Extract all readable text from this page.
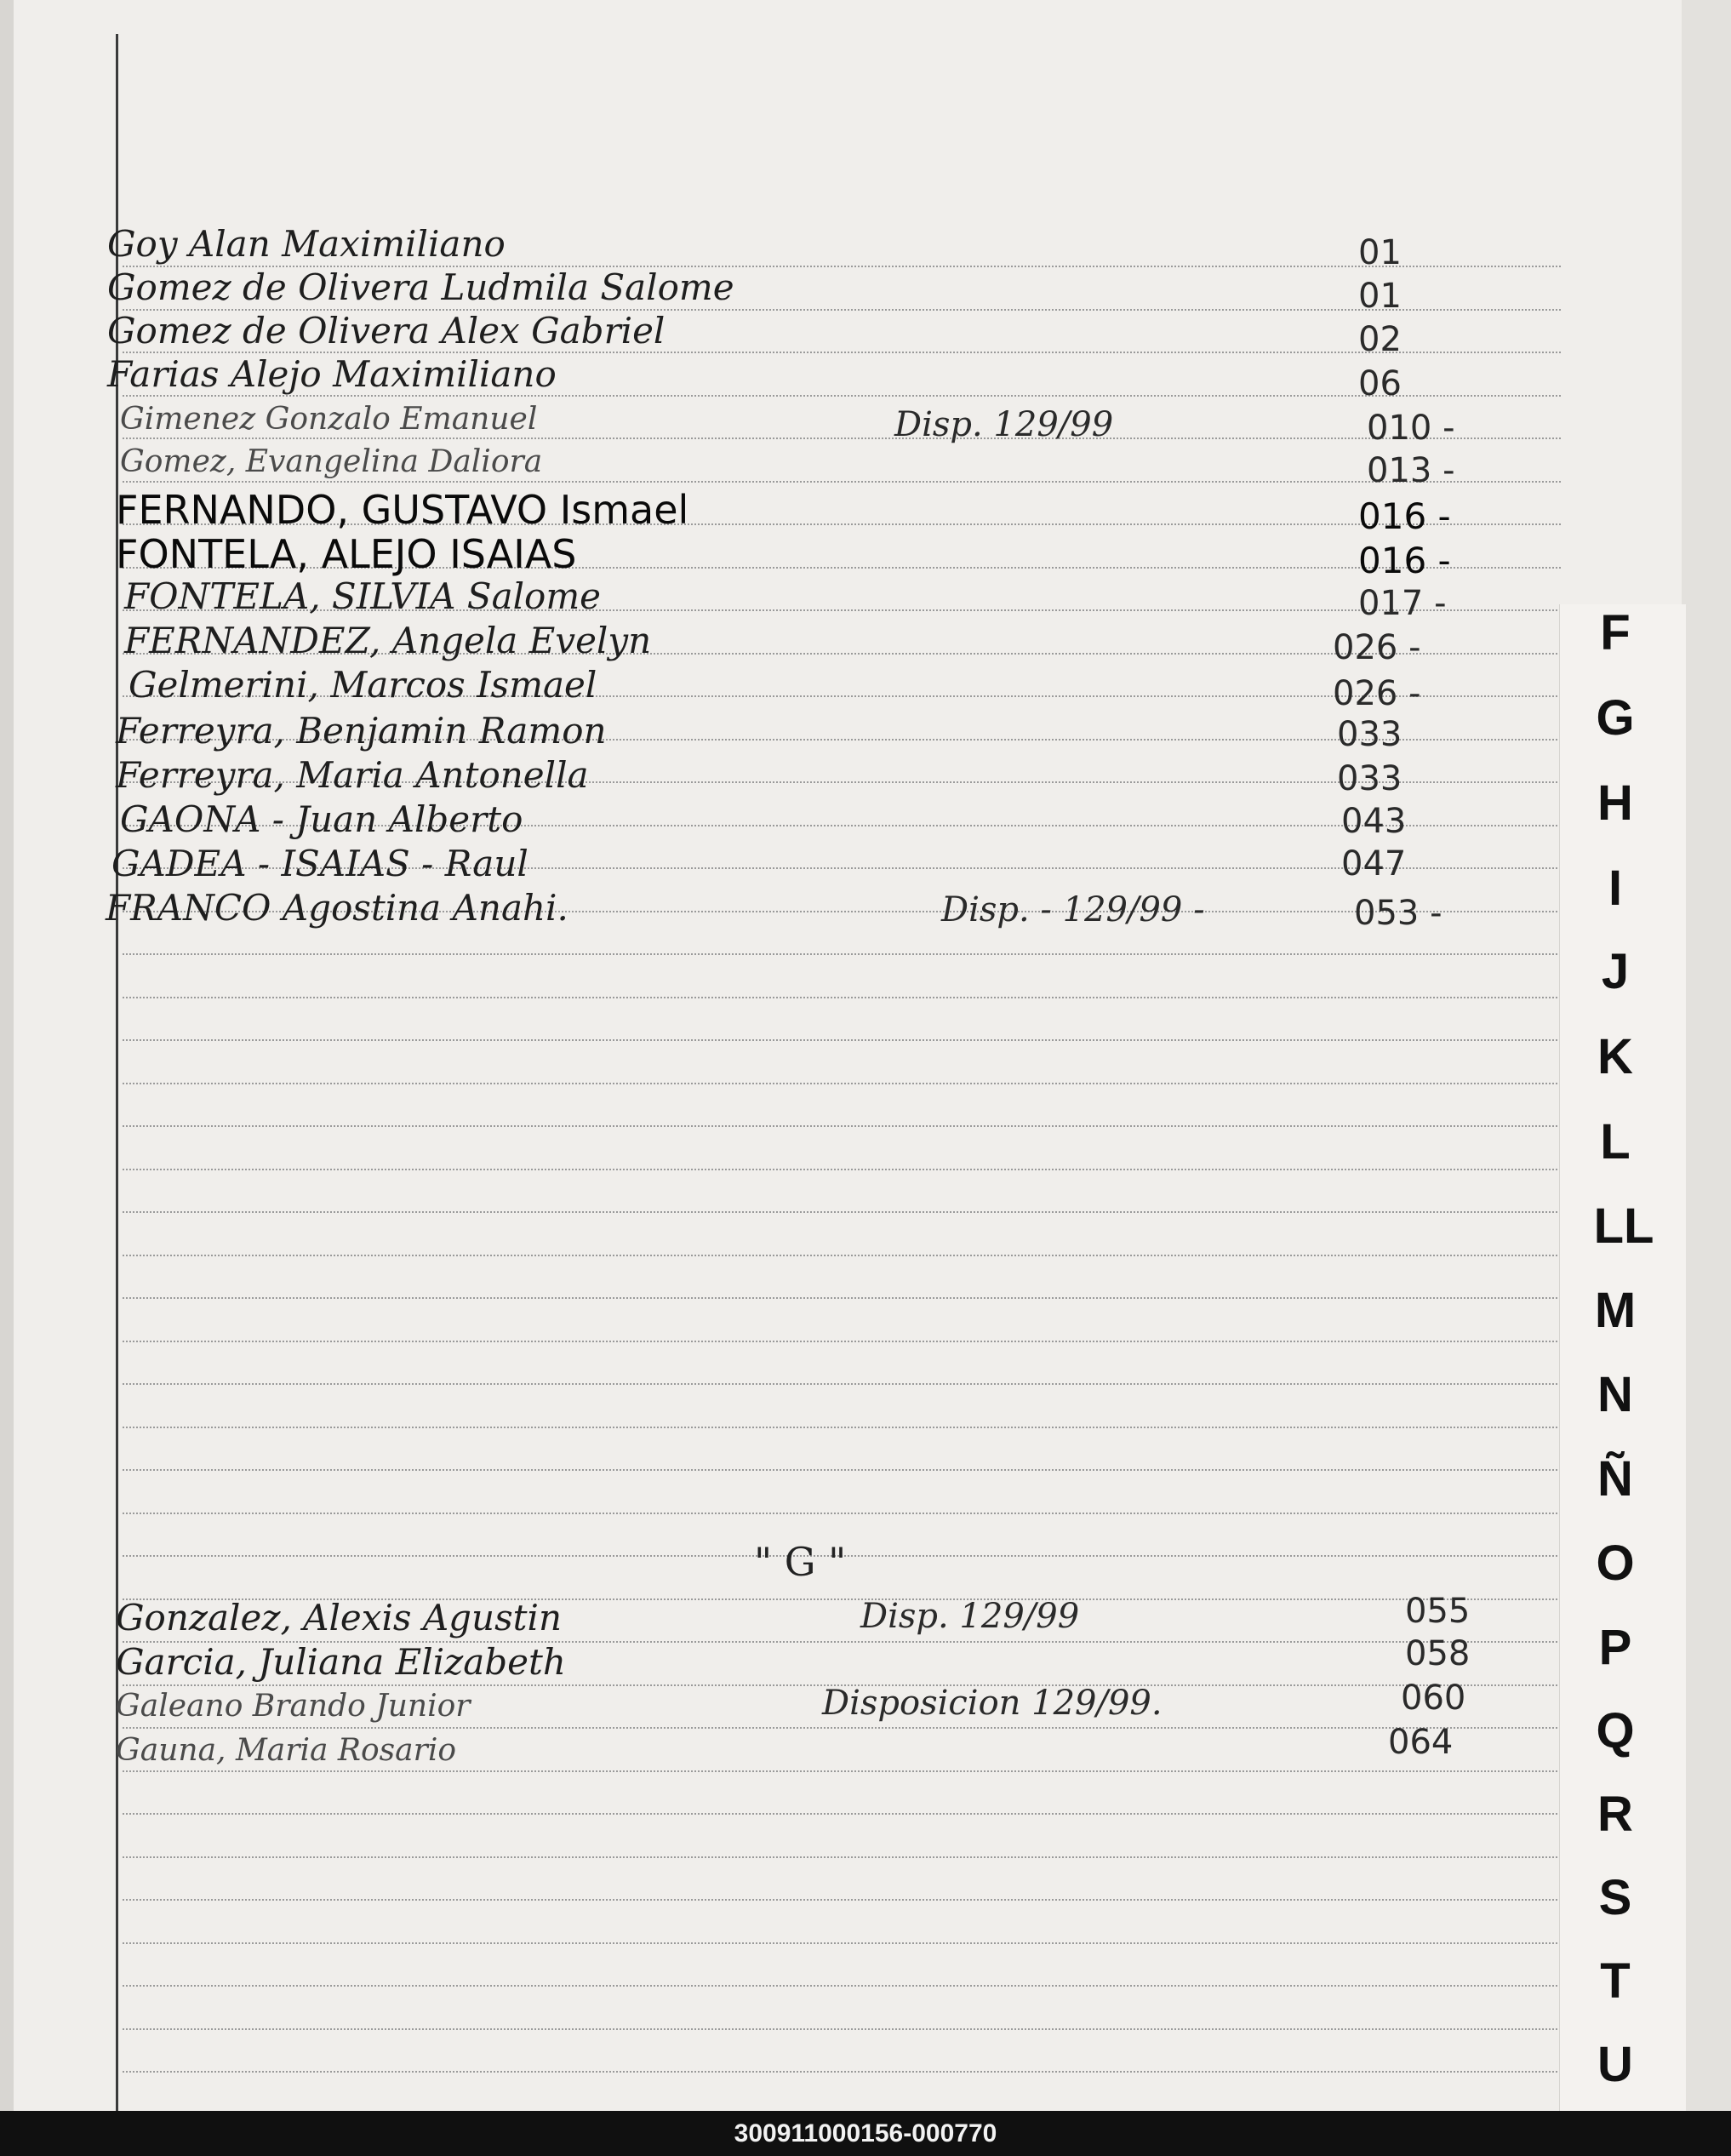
Goy Alan Maximiliano	01
Gomez de Olivera Ludmila Salome	01
Gomez de Olivera Alex Gabriel	02
Farias Alejo Maximiliano	06
Gimenez Gonzalo Emanuel	Disp. 129/99	010 -
Gomez, Evangelina Daliora	013 -
FERNANDO, GUSTAVO Ismael	016 -
FONTELA, ALEJO ISAIAS	016 -
FONTELA, SILVIA Salome	017 -
FERNANDEZ, Angela Evelyn	026 -
Gelmerini, Marcos Ismael	026 -
Ferreyra, Benjamin Ramon	033
Ferreyra, Maria Antonella	033
GAONA - Juan Alberto	043
GADEA - ISAIAS - Raul	047
FRANCO Agostina Anahi.	Disp. - 129/99 -	053 -
" G "
Gonzalez, Alexis Agustin	Disp. 129/99	055
Garcia, Juliana Elizabeth	058
Galeano Brando Junior	Disposicion 129/99.	060
Gauna, Maria Rosario	064
F
G
H
I
J
K
L
LL
M
N
Ñ
O
P
Q
R
S
T
U
300911000156-000770
